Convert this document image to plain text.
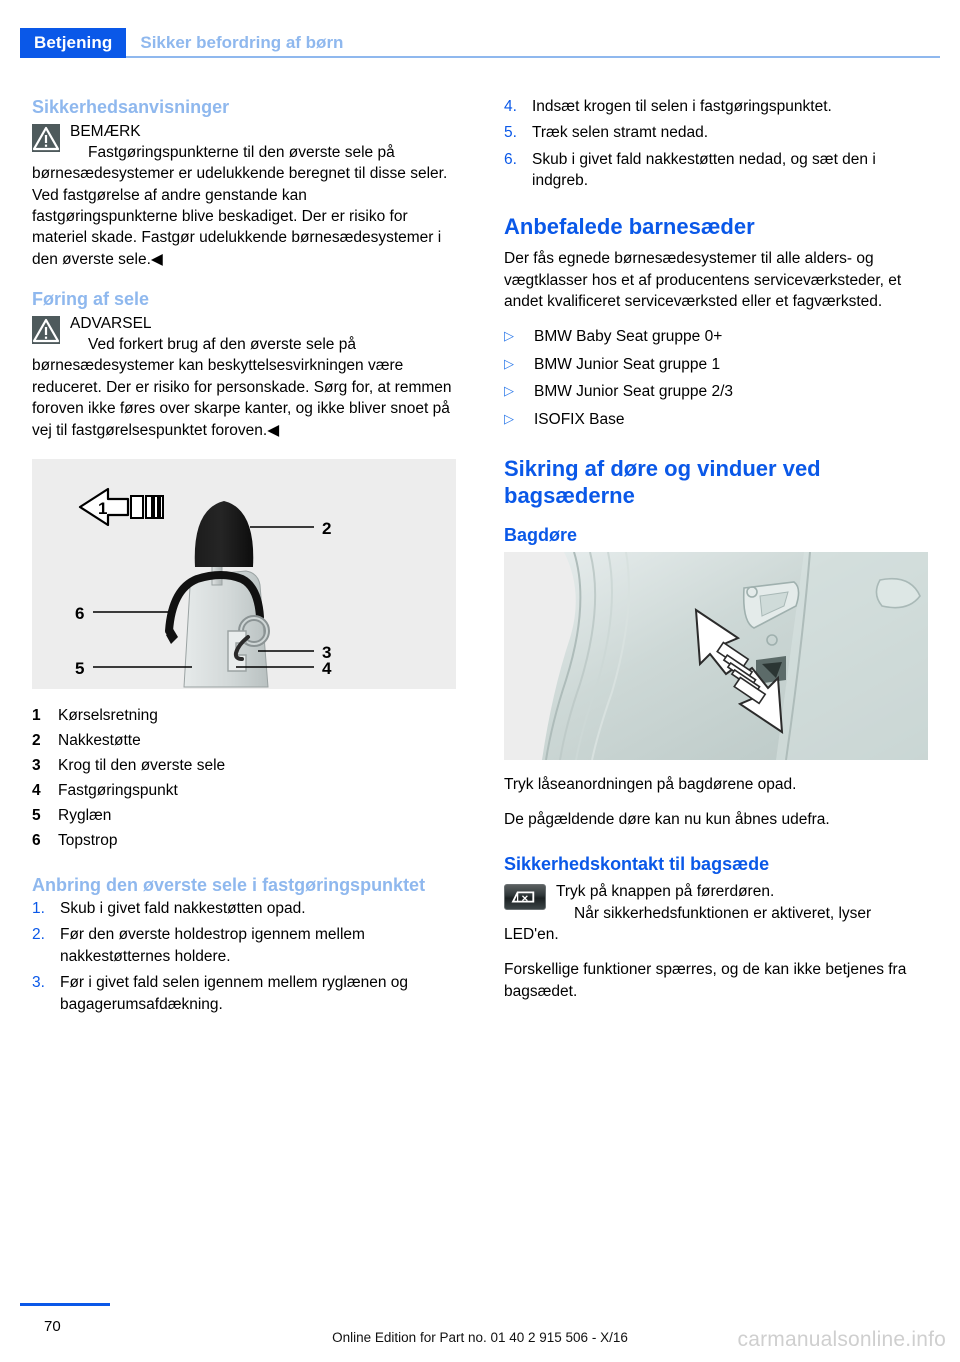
Betjening	Sikker befordring af børn
Sikkerhedsanvisninger
BEMÆRK
Fastgøringspunkterne til den øverste sele på børnesædesystemer er udelukkende beregnet til disse seler. Ved fastgørelse af andre genstande kan fastgøringspunkterne blive beskadiget. Der er risiko for materiel skade. Fastgør udelukkende børnesædesystemer i den øverste sele.◀
Føring af sele
ADVARSEL
Ved forkert brug af den øverste sele på børnesædesystemer kan beskyttelsesvirkningen være reduceret. Der er risiko for personskade. Sørg for, at remmen foroven ikke føres over skarpe kanter, og ikke bliver snoet på vej til fastgørelsespunktet foroven.◀
1
2
6
3
4
5
1	Kørselsretning
2	Nakkestøtte
3	Krog til den øverste sele
4	Fastgøringspunkt
5	Ryglæn
6	Topstrop
Anbring den øverste sele i fastgøringspunktet
1. Skub i givet fald nakkestøtten opad.
2. Før den øverste holdestrop igennem mellem nakkestøtternes holdere.
3. Før i givet fald selen igennem mellem ryglænen og bagagerumsafdækning.
4. Indsæt krogen til selen i fastgøringspunktet.
5. Træk selen stramt nedad.
6. Skub i givet fald nakkestøtten nedad, og sæt den i indgreb.
Anbefalede barnesæder

Der fås egnede børnesædesystemer til alle alders- og vægtklasser hos et af producentens serviceværksteder, et andet kvalificeret serviceværksted eller et fagværksted.

▷	BMW Baby Seat gruppe 0+
▷	BMW Junior Seat gruppe 1
▷	BMW Junior Seat gruppe 2/3
▷	ISOFIX Base
Sikring af døre og vinduer ved bagsæderne
Bagdøre

Tryk låseanordningen på bagdørene opad.

De pågældende døre kan nu kun åbnes udefra.

Sikkerhedskontakt til bagsæde
✕	Tryk på knappen på førerdøren.
Når sikkerhedsfunktionen er aktiveret, lyser LED'en.

Forskellige funktioner spærres, og de kan ikke betjenes fra bagsædet.

70
Online Edition for Part no. 01 40 2 915 506 - X/16	carmanualsonline.info
